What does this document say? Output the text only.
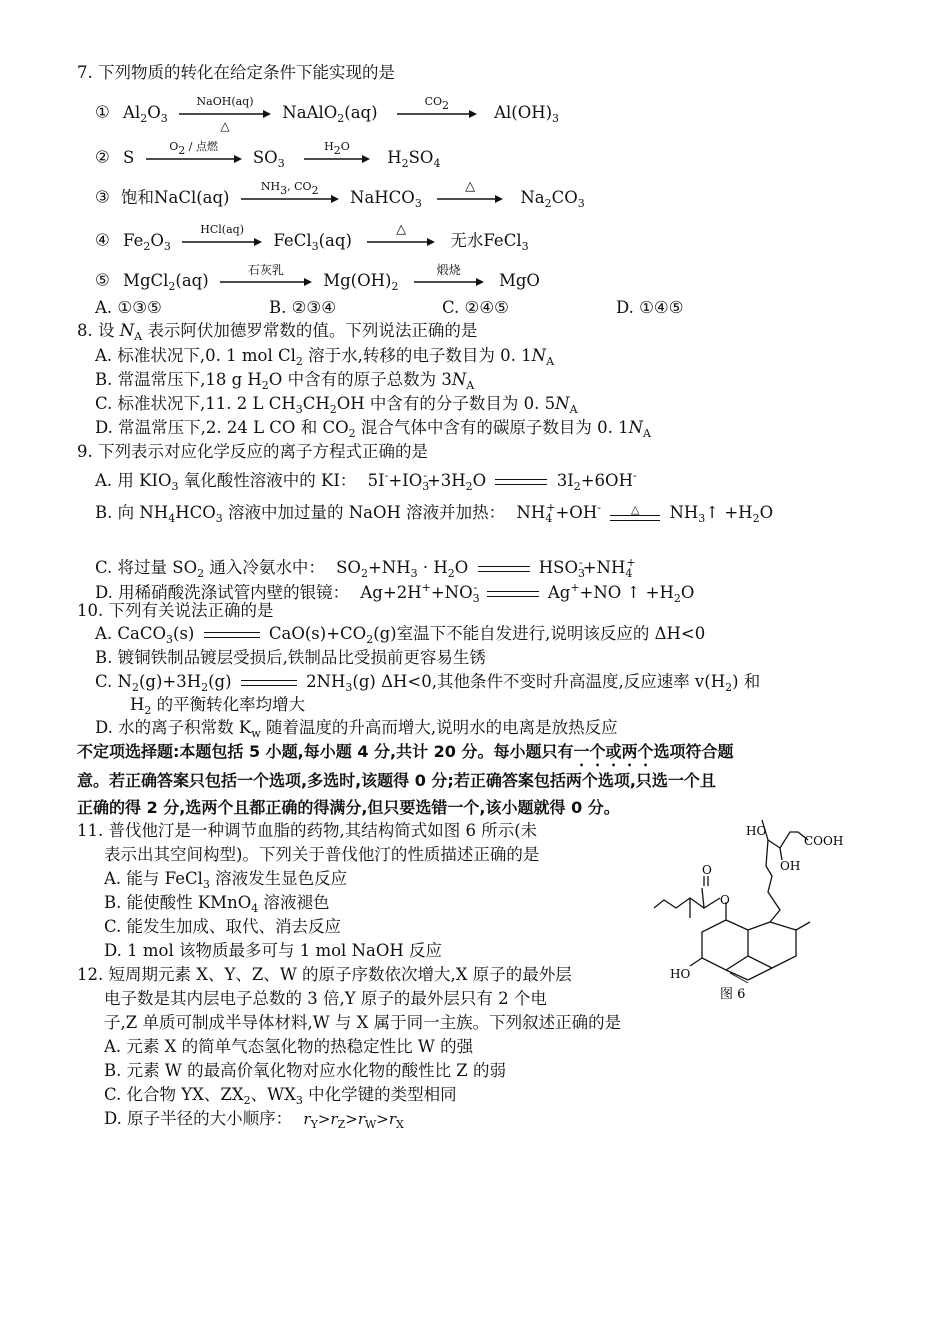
7. 下列物质的转化在给定条件下能实现的是
① $Al_2O_3$
NaOH(aq)
△
NaAlO$_2$(aq)
CO2	$Al(OH)_3$
② S
O2 / 点燃
$SO_3$
H2O
$H_2SO_4$
③ 饱和NaCl(aq)
NH3, CO2	NaHCO$_3$
△
$Na_2CO_3$
④ $Fe_2O_3$
HCl(aq)
FeCl$_3$(aq)
△
无水FeCl$_3$
⑤ MgCl$_2$(aq)
石灰乳
$Mg(OH)_2$
煅烧
MgO
A. ①③⑤	B. ②③④	C. ②④⑤	D. ①④⑤
8. 设 $N_A$ 表示阿伏加德罗常数的值。下列说法正确的是
A. 标准状况下,0. 1 mol $Cl_2$ 溶于水,转移的电子数目为 0. $1N_A$
B. 常温常压下,18 g $H_2O$ 中含有的原子总数为 $3N_A$
C. 标准状况下,11. 2 L $CH_3CH_2OH$ 中含有的分子数目为 0. $5N_A$
D. 常温常压下,2. 24 L CO 和 $CO_2$ 混合气体中含有的碳原子数目为 0. $1N_A$
9. 下列表示对应化学反应的离子方程式正确的是
A. 用 $KIO_3$ 氧化酸性溶液中的 KI： $5I^-+IO_3^-+3H_2O$	$3I_2+6OH^-$
B. 向 $NH_4HCO_3$ 溶液中加过量的 NaOH 溶液并加热： $NH_4^++OH^-$	△	$NH_3↑ +H_2O$
C. 将过量 $SO_2$ 通入冷氨水中： $SO_2+NH_3 \cdot H_2O$	$HSO_3^-+NH_4^+$
D. 用稀硝酸洗涤试管内壁的银镜： $Ag+2H^++NO_3^-$	Ag++NO ↑ $+H_2O$
10. 下列有关说法正确的是
A. CaCO$_3$(s)	$CaO(s)+CO_2(g)$室温下不能自发进行,说明该反应的 ΔH<0
B. 镀铜铁制品镀层受损后,铁制品比受损前更容易生锈
C. $N_2(g)+3H_2(g)$	$2NH_3(g)$ ΔH<0,其他条件不变时升高温度,反应速率 $v(H_2)$ 和
$H_2$ 的平衡转化率均增大
D. 水的离子积常数 $K_w$ 随着温度的升高而增大,说明水的电离是放热反应
不定项选择题:本题包括 5 小题,每小题 4 分,共计 20 分。每小题只有一个或两个选项符合题
意。若正确答案只包括一个选项,多选时,该题得 0 分;若正确答案包括两个选项,只选一个且
正确的得 2 分,选两个且都正确的得满分,但只要选错一个,该小题就得 0 分。
11. 普伐他汀是一种调节血脂的药物,其结构简式如图 6 所示(未
表示出其空间构型)。下列关于普伐他汀的性质描述正确的是
A. 能与 FeCl$_3$ 溶液发生显色反应
B. 能使酸性 KMnO$_4$ 溶液褪色
C. 能发生加成、取代、消去反应
D. 1 mol 该物质最多可与 1 mol NaOH 反应
HO
COOH
OH
O
O
HO
图 6
12. 短周期元素 X、Y、Z、W 的原子序数依次增大,X 原子的最外层
电子数是其内层电子总数的 3 倍,Y 原子的最外层只有 2 个电
子,Z 单质可制成半导体材料,W 与 X 属于同一主族。下列叙述正确的是
A. 元素 X 的简单气态氢化物的热稳定性比 W 的强
B. 元素 W 的最高价氧化物对应水化物的酸性比 Z 的弱
C. 化合物 YX、$ZX_2$、$WX_3$ 中化学键的类型相同
D. 原子半径的大小顺序： $r_Y>r_Z>r_W>r_X$
